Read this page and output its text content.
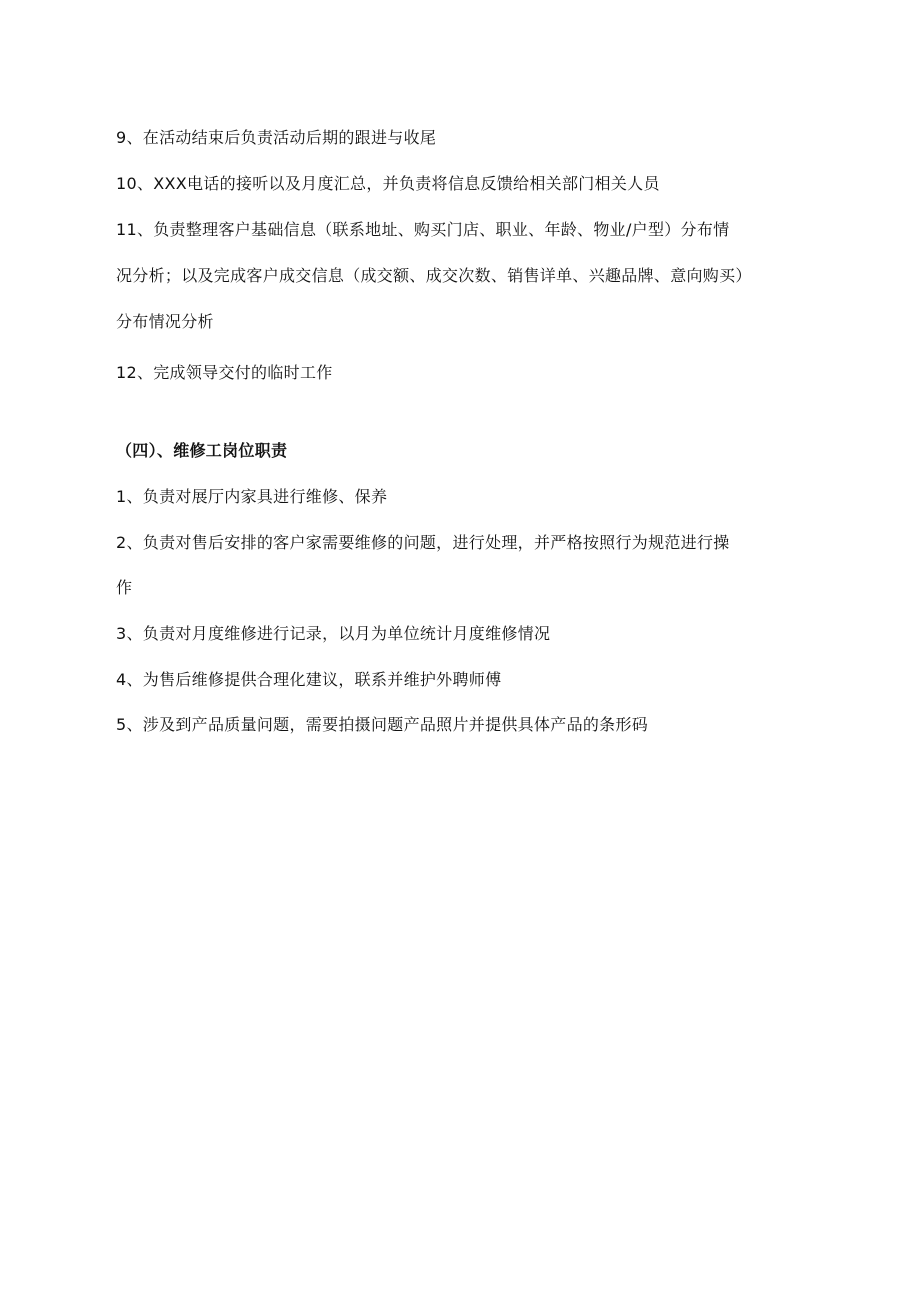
9、在活动结束后负责活动后期的跟进与收尾
10、XXX电话的接听以及月度汇总，并负责将信息反馈给相关部门相关人员
11、负责整理客户基础信息（联系地址、购买门店、职业、年龄、物业/户型）分布情
况分析；以及完成客户成交信息（成交额、成交次数、销售详单、兴趣品牌、意向购买）
分布情况分析
12、完成领导交付的临时工作
（四）、维修工岗位职责
1、负责对展厅内家具进行维修、保养
2、负责对售后安排的客户家需要维修的问题，进行处理，并严格按照行为规范进行操
作
3、负责对月度维修进行记录，以月为单位统计月度维修情况
4、为售后维修提供合理化建议，联系并维护外聘师傅
5、涉及到产品质量问题，需要拍摄问题产品照片并提供具体产品的条形码
